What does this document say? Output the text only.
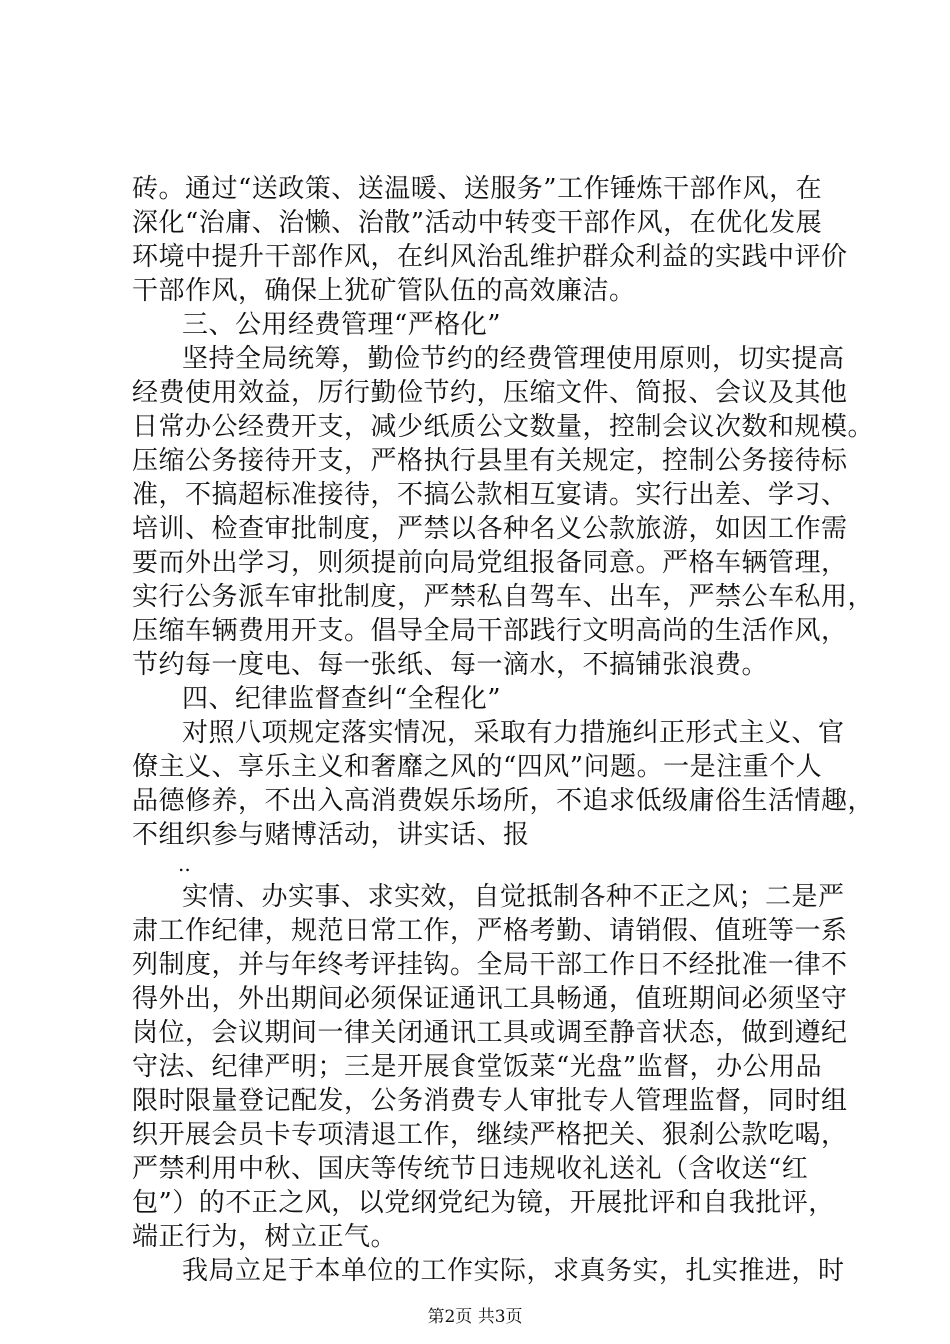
砖。通过“送政策、送温暖、送服务”工作锤炼干部作风，在
深化“治庸、治懒、治散”活动中转变干部作风，在优化发展
环境中提升干部作风，在纠风治乱维护群众利益的实践中评价
干部作风，确保上犹矿管队伍的高效廉洁。
三、公用经费管理“严格化”
坚持全局统筹，勤俭节约的经费管理使用原则，切实提高
经费使用效益，厉行勤俭节约，压缩文件、简报、会议及其他
日常办公经费开支，减少纸质公文数量，控制会议次数和规模。
压缩公务接待开支，严格执行县里有关规定，控制公务接待标
准，不搞超标准接待，不搞公款相互宴请。实行出差、学习、
培训、检查审批制度，严禁以各种名义公款旅游，如因工作需
要而外出学习，则须提前向局党组报备同意。严格车辆管理，
实行公务派车审批制度，严禁私自驾车、出车，严禁公车私用，
压缩车辆费用开支。倡导全局干部践行文明高尚的生活作风，
节约每一度电、每一张纸、每一滴水，不搞铺张浪费。
四、纪律监督查纠“全程化”
对照八项规定落实情况，采取有力措施纠正形式主义、官
僚主义、享乐主义和奢靡之风的“四风”问题。一是注重个人
品德修养，不出入高消费娱乐场所，不追求低级庸俗生活情趣，
不组织参与赌博活动，讲实话、报
..
实情、办实事、求实效，自觉抵制各种不正之风；二是严
肃工作纪律，规范日常工作，严格考勤、请销假、值班等一系
列制度，并与年终考评挂钩。全局干部工作日不经批准一律不
得外出，外出期间必须保证通讯工具畅通，值班期间必须坚守
岗位，会议期间一律关闭通讯工具或调至静音状态，做到遵纪
守法、纪律严明；三是开展食堂饭菜“光盘”监督，办公用品
限时限量登记配发，公务消费专人审批专人管理监督，同时组
织开展会员卡专项清退工作，继续严格把关、狠刹公款吃喝，
严禁利用中秋、国庆等传统节日违规收礼送礼（含收送“红
包”）的不正之风，以党纲党纪为镜，开展批评和自我批评，
端正行为，树立正气。
我局立足于本单位的工作实际，求真务实，扎实推进，时
第2页 共3页
